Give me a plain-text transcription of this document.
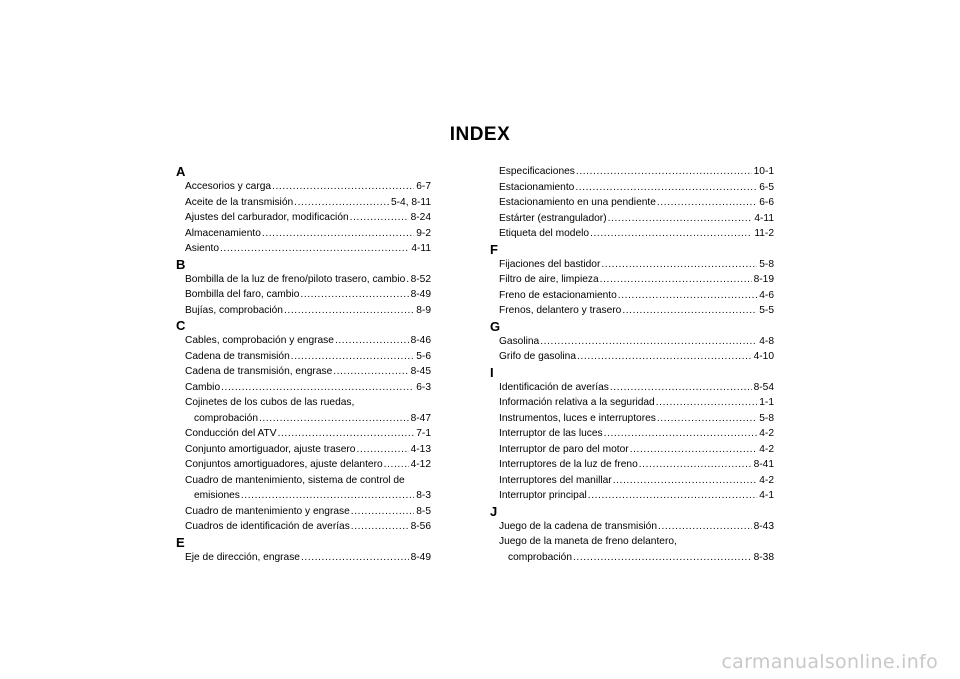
INDEX
A
Accesorios y carga .....	6-7
Aceite de la transmisión .....	5-4, 8-11
Ajustes del carburador, modificación .....	8-24
Almacenamiento .....	9-2
Asiento .....	4-11
B
Bombilla de la luz de freno/piloto trasero, cambio ..... 8-52
Bombilla del faro, cambio .....	8-49
Bujías, comprobación .....	8-9
C
Cables, comprobación y engrase .....	8-46
Cadena de transmisión .....	5-6
Cadena de transmisión, engrase .....	8-45
Cambio .....	6-3
Cojinetes de los cubos de las ruedas,
comprobación .....	8-47
Conducción del ATV .....	7-1
Conjunto amortiguador, ajuste trasero .....	4-13
Conjuntos amortiguadores, ajuste delantero .....	4-12
Cuadro de mantenimiento, sistema de control de
emisiones .....	8-3
Cuadro de mantenimiento y engrase .....	8-5
Cuadros de identificación de averías .....	8-56
E
Eje de dirección, engrase .....	8-49
Especificaciones .....	10-1
Estacionamiento .....	6-5
Estacionamiento en una pendiente .....	6-6
Estárter (estrangulador) .....	4-11
Etiqueta del modelo .....	11-2
F
Fijaciones del bastidor .....	5-8
Filtro de aire, limpieza .....	8-19
Freno de estacionamiento .....	4-6
Frenos, delantero y trasero .....	5-5
G
Gasolina .....	4-8
Grifo de gasolina .....	4-10
I
Identificación de averías .....	8-54
Información relativa a la seguridad .....	1-1
Instrumentos, luces e interruptores .....	5-8
Interruptor de las luces .....	4-2
Interruptor de paro del motor .....	4-2
Interruptores de la luz de freno .....	8-41
Interruptores del manillar .....	4-2
Interruptor principal .....	4-1
J
Juego de la cadena de transmisión .....	8-43
Juego de la maneta de freno delantero,
comprobación .....	8-38
carmanualsonline.info
